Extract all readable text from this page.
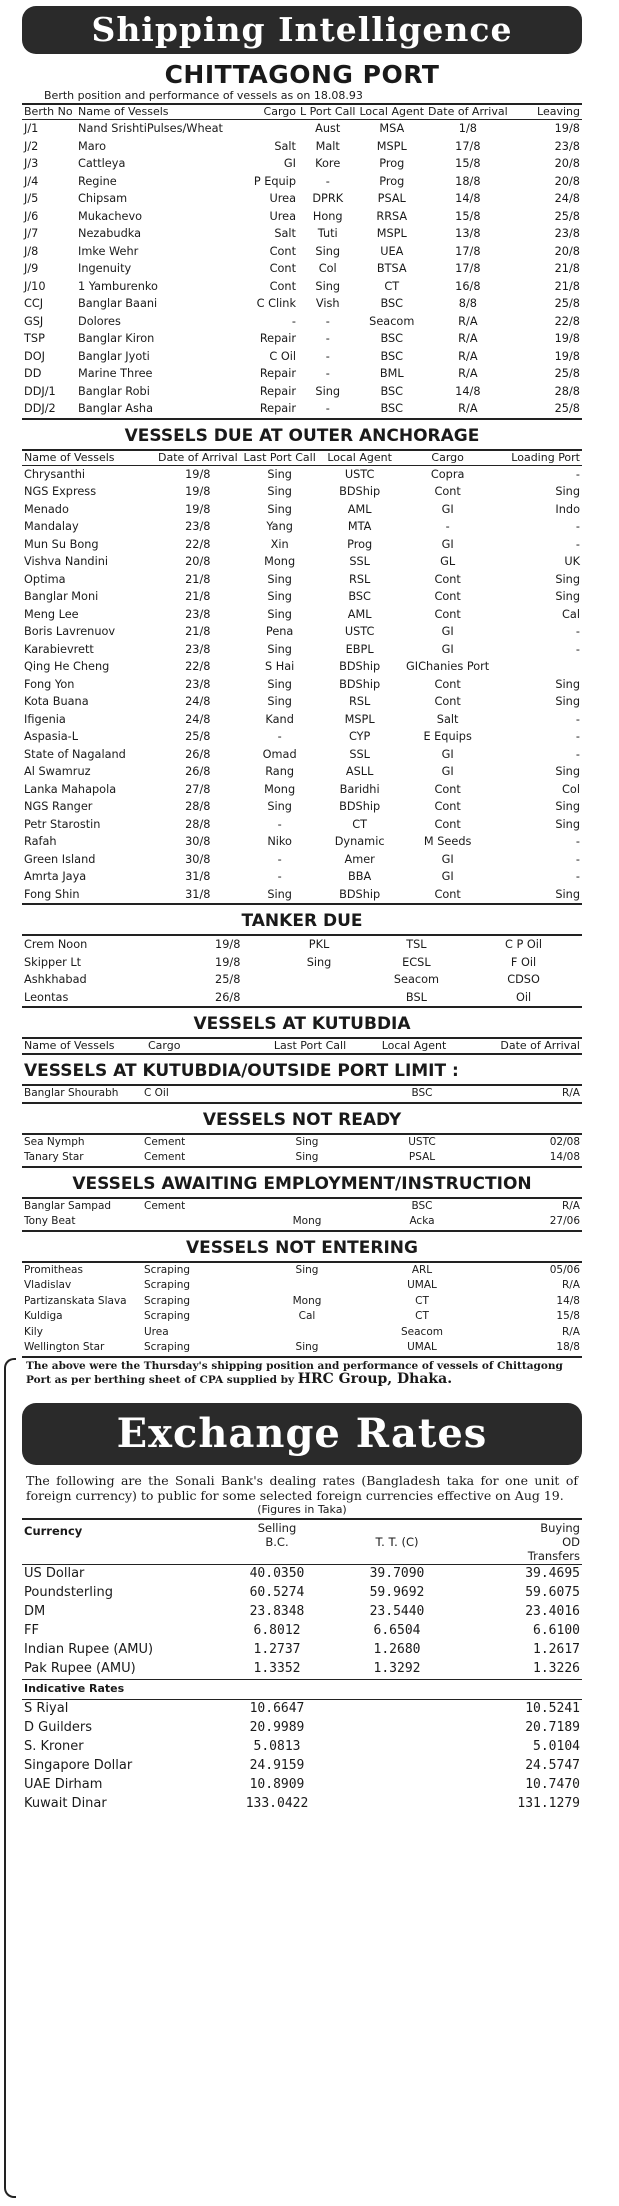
Shipping Intelligence
CHITTAGONG PORT
Berth position and performance of vessels as on 18.08.93
Berth No	Name of Vessels	Cargo	L Port Call	Local Agent	Date of Arrival	Leaving
J/1	Nand SrishtiPulses/Wheat		Aust	MSA	1/8	19/8
J/2	Maro	Salt	Malt	MSPL	17/8	23/8
J/3	Cattleya	GI	Kore	Prog	15/8	20/8
J/4	Regine	P Equip	-	Prog	18/8	20/8
J/5	Chipsam	Urea	DPRK	PSAL	14/8	24/8
J/6	Mukachevo	Urea	Hong	RRSA	15/8	25/8
J/7	Nezabudka	Salt	Tuti	MSPL	13/8	23/8
J/8	Imke Wehr	Cont	Sing	UEA	17/8	20/8
J/9	Ingenuity	Cont	Col	BTSA	17/8	21/8
J/10	1 Yamburenko	Cont	Sing	CT	16/8	21/8
CCJ	Banglar Baani	C Clink	Vish	BSC	8/8	25/8
GSJ	Dolores	-	-	Seacom	R/A	22/8
TSP	Banglar Kiron	Repair	-	BSC	R/A	19/8
DOJ	Banglar Jyoti	C Oil	-	BSC	R/A	19/8
DD	Marine Three	Repair	-	BML	R/A	25/8
DDJ/1	Banglar Robi	Repair	Sing	BSC	14/8	28/8
DDJ/2	Banglar Asha	Repair	-	BSC	R/A	25/8
VESSELS DUE AT OUTER ANCHORAGE
Name of Vessels	Date of Arrival	Last Port Call	Local Agent	Cargo	Loading Port
Chrysanthi	19/8	Sing	USTC	Copra	-
NGS Express	19/8	Sing	BDShip	Cont	Sing
Menado	19/8	Sing	AML	GI	Indo
Mandalay	23/8	Yang	MTA	-	-
Mun Su Bong	22/8	Xin	Prog	GI	-
Vishva Nandini	20/8	Mong	SSL	GL	UK
Optima	21/8	Sing	RSL	Cont	Sing
Banglar Moni	21/8	Sing	BSC	Cont	Sing
Meng Lee	23/8	Sing	AML	Cont	Cal
Boris Lavrenuov	21/8	Pena	USTC	GI	-
Karabievrett	23/8	Sing	EBPL	GI	-
Qing He Cheng	22/8	S Hai	BDShip	GIChanies Port	
Fong Yon	23/8	Sing	BDShip	Cont	Sing
Kota Buana	24/8	Sing	RSL	Cont	Sing
Ifigenia	24/8	Kand	MSPL	Salt	-
Aspasia-L	25/8	-	CYP	E Equips	-
State of Nagaland	26/8	Omad	SSL	GI	-
Al Swamruz	26/8	Rang	ASLL	GI	Sing
Lanka Mahapola	27/8	Mong	Baridhi	Cont	Col
NGS Ranger	28/8	Sing	BDShip	Cont	Sing
Petr Starostin	28/8	-	CT	Cont	Sing
Rafah	30/8	Niko	Dynamic	M Seeds	-
Green Island	30/8	-	Amer	GI	-
Amrta Jaya	31/8	-	BBA	GI	-
Fong Shin	31/8	Sing	BDShip	Cont	Sing
TANKER DUE
Crem Noon	19/8	PKL	TSL	C P Oil
Skipper Lt	19/8	Sing	ECSL	F Oil
Ashkhabad	25/8		Seacom	CDSO
Leontas	26/8		BSL	Oil
VESSELS AT KUTUBDIA
Name of Vessels	Cargo	Last Port Call	Local Agent	Date of Arrival
VESSELS AT KUTUBDIA/OUTSIDE PORT LIMIT :
Banglar Shourabh	C Oil		BSC	R/A
VESSELS NOT READY
Sea Nymph	Cement	Sing	USTC	02/08
Tanary Star	Cement	Sing	PSAL	14/08
VESSELS AWAITING EMPLOYMENT/INSTRUCTION
Banglar Sampad	Cement		BSC	R/A
Tony Beat		Mong	Acka	27/06
VESSELS NOT ENTERING
Promitheas	Scraping	Sing	ARL	05/06
Vladislav	Scraping		UMAL	R/A
Partizanskata Slava	Scraping	Mong	CT	14/8
Kuldiga	Scraping	Cal	CT	15/8
Kily	Urea		Seacom	R/A
Wellington Star	Scraping	Sing	UMAL	18/8
The above were the Thursday's shipping position and performance of vessels of Chittagong Port as per berthing sheet of CPA supplied by HRC Group, Dhaka.
Exchange Rates
The following are the Sonali Bank's dealing rates (Bangladesh taka for one unit of foreign currency) to public for some selected foreign currencies effective on Aug 19.
(Figures in Taka)
Currency	Selling
B.C.	T. T. (C)	Buying
OD
Transfers
US Dollar	40.0350	39.7090	39.4695
Poundsterling	60.5274	59.9692	59.6075
DM	23.8348	23.5440	23.4016
FF	6.8012	6.6504	6.6100
Indian Rupee (AMU)	1.2737	1.2680	1.2617
Pak Rupee (AMU)	1.3352	1.3292	1.3226
Indicative Rates			
S Riyal	10.6647		10.5241
D Guilders	20.9989		20.7189
S. Kroner	5.0813		5.0104
Singapore Dollar	24.9159		24.5747
UAE Dirham	10.8909		10.7470
Kuwait Dinar	133.0422		131.1279
